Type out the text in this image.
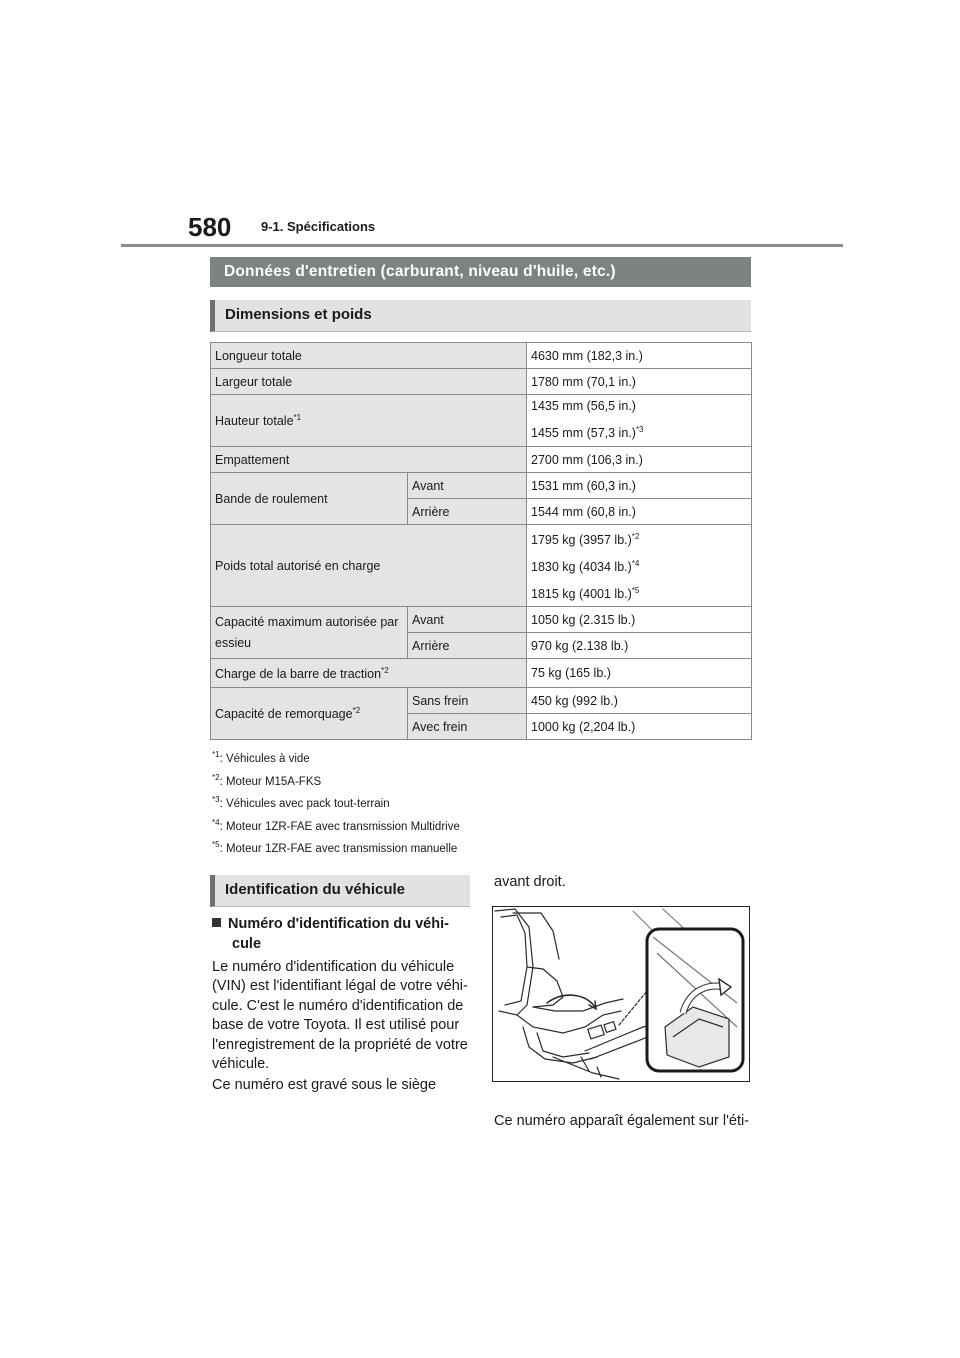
580 9-1. Spécifications
Données d'entretien (carburant, niveau d'huile, etc.)
Dimensions et poids
Longueur totale		4630 mm (182,3 in.)
Largeur totale		1780 mm (70,1 in.)
Hauteur totale$^{*1}$		1435 mm (56,5 in.)
1455 mm (57,3 in.)$^{*3}$

Empattement		2700 mm (106,3 in.)
Bande de roulement	Avant	1531 mm (60,3 in.)
	Arrière	1544 mm (60,8 in.)
Poids total autorisé en charge		1795 kg (3957 lb.)$^{*2}$
1830 kg (4034 lb.)$^{*4}$
1815 kg (4001 lb.)$^{*5}$

Capacité maximum autorisée par essieu	Avant	1050 kg (2.315 lb.)
	Arrière	970 kg (2.138 lb.)
Charge de la barre de traction$^{*2}$		75 kg (165 lb.)
Capacité de remorquage$^{*2}$	Sans frein	450 kg (992 lb.)
	Avec frein	1000 kg (2,204 lb.)
$^{*1}$: Véhicules à vide
$^{*2}$: Moteur M15A-FKS
$^{*3}$: Véhicules avec pack tout-terrain
$^{*4}$: Moteur 1ZR-FAE avec transmission Multidrive
$^{*5}$: Moteur 1ZR-FAE avec transmission manuelle
Identification du véhicule
Numéro d'identification du véhi-
cule
Le numéro d'identification du véhicule
(VIN) est l'identifiant légal de votre véhi-
cule. C'est le numéro d'identification de
base de votre Toyota. Il est utilisé pour
l'enregistrement de la propriété de votre
véhicule.
Ce numéro est gravé sous le siège
avant droit.
Ce numéro apparaît également sur l'éti-
